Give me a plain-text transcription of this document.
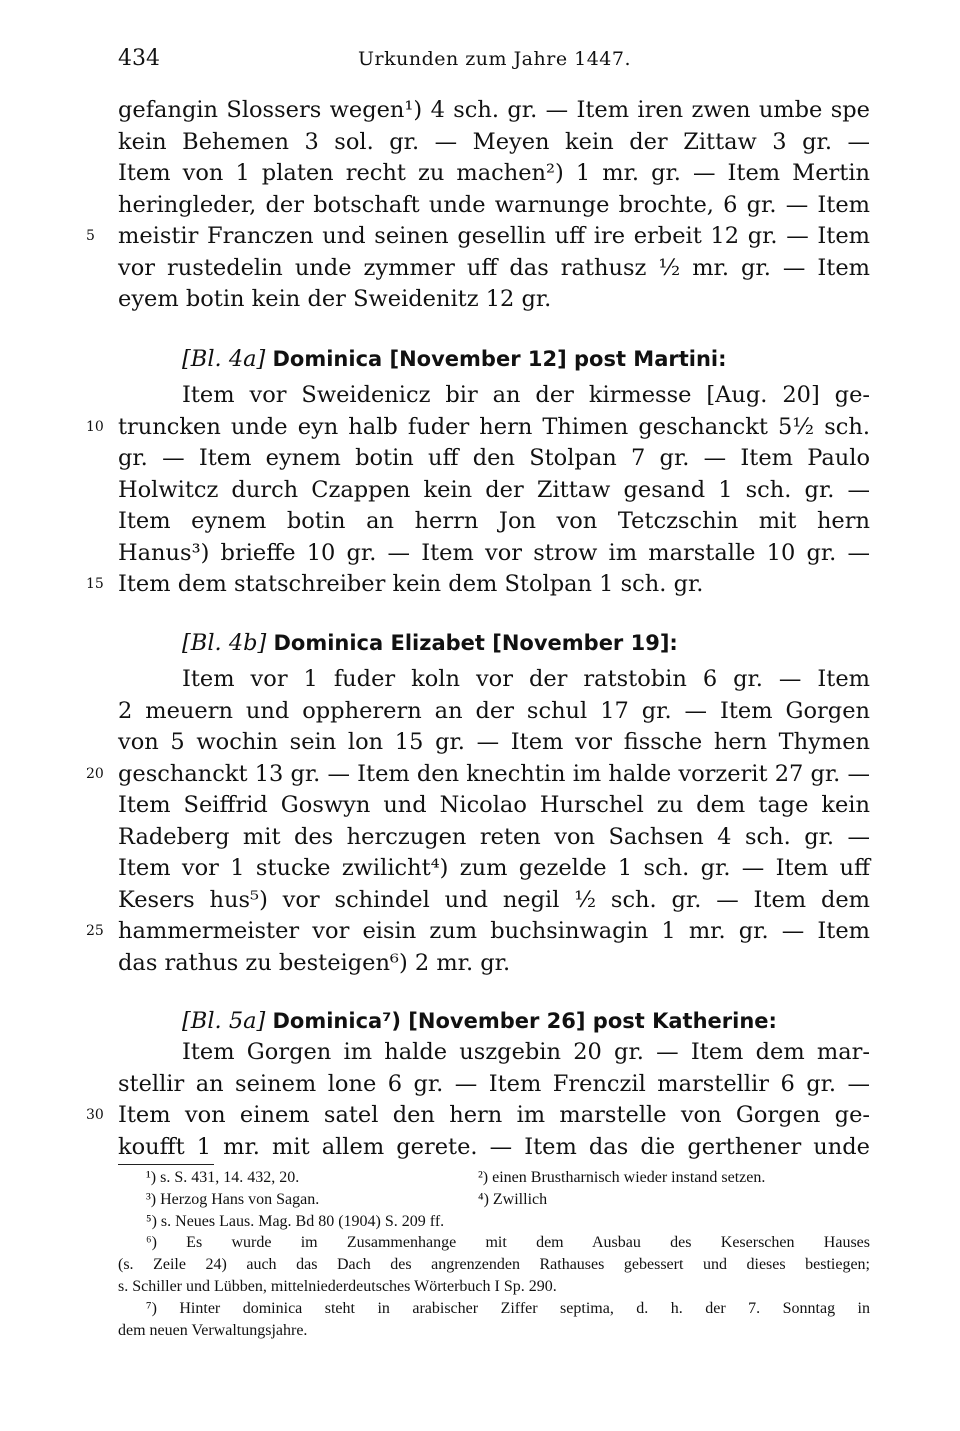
434	Urkunden zum Jahre 1447.
gefangin Slossers wegen¹) 4 sch. gr. — Item iren zwen umbe spe
kein Behemen 3 sol. gr. — Meyen kein der Zittaw 3 gr. —
Item von 1 platen recht zu machen²) 1 mr. gr. — Item Mertin
heringleder, der botschaft unde warnunge brochte, 6 gr. — Item
5	meistir Franczen und seinen gesellin uff ire erbeit 12 gr. — Item
vor rustedelin unde zymmer uff das rathusz ½ mr. gr. — Item
eyem botin kein der Sweidenitz 12 gr.
[Bl. 4a] Dominica [November 12] post Martini:
Item vor Sweidenicz bir an der kirmesse [Aug. 20] ge-
10 truncken unde eyn halb fuder hern Thimen geschanckt 5½ sch.
gr. — Item eynem botin uff den Stolpan 7 gr. — Item Paulo
Holwitcz durch Czappen kein der Zittaw gesand 1 sch. gr. —
Item eynem botin an herrn Jon von Tetczschin mit hern
Hanus³) brieffe 10 gr. — Item vor strow im marstalle 10 gr. —
15 Item dem statschreiber kein dem Stolpan 1 sch. gr.
[Bl. 4b] Dominica Elizabet [November 19]:
Item vor 1 fuder koln vor der ratstobin 6 gr. — Item
2 meuern und oppherern an der schul 17 gr. — Item Gorgen
von 5 wochin sein lon 15 gr. — Item vor fissche hern Thymen
20 geschanckt 13 gr. — Item den knechtin im halde vorzerit 27 gr. —
Item Seiffrid Goswyn und Nicolao Hurschel zu dem tage kein
Radeberg mit des herczugen reten von Sachsen 4 sch. gr. —
Item vor 1 stucke zwilicht⁴) zum gezelde 1 sch. gr. — Item uff
Kesers hus⁵) vor schindel und negil ½ sch. gr. — Item dem
25 hammermeister vor eisin zum buchsinwagin 1 mr. gr. — Item
das rathus zu besteigen⁶) 2 mr. gr.
[Bl. 5a] Dominica⁷) [November 26] post Katherine:
Item Gorgen im halde uszgebin 20 gr. — Item dem mar-
stellir an seinem lone 6 gr. — Item Frenczil marstellir 6 gr. —
30 Item von einem satel den hern im marstelle von Gorgen ge-
koufft 1 mr. mit allem gerete. — Item das die gerthener unde
¹) s. S. 431, 14. 432, 20.	²) einen Brustharnisch wieder instand setzen.
³) Herzog Hans von Sagan.	⁴) Zwillich
⁵) s. Neues Laus. Mag. Bd 80 (1904) S. 209 ff.
⁶) Es wurde im Zusammenhange mit dem Ausbau des Keserschen Hauses
(s. Zeile 24) auch das Dach des angrenzenden Rathauses gebessert und dieses bestiegen;
s. Schiller und Lübben, mittelniederdeutsches Wörterbuch I Sp. 290.
⁷) Hinter dominica steht in arabischer Ziffer septima, d. h. der 7. Sonntag in
dem neuen Verwaltungsjahre.
